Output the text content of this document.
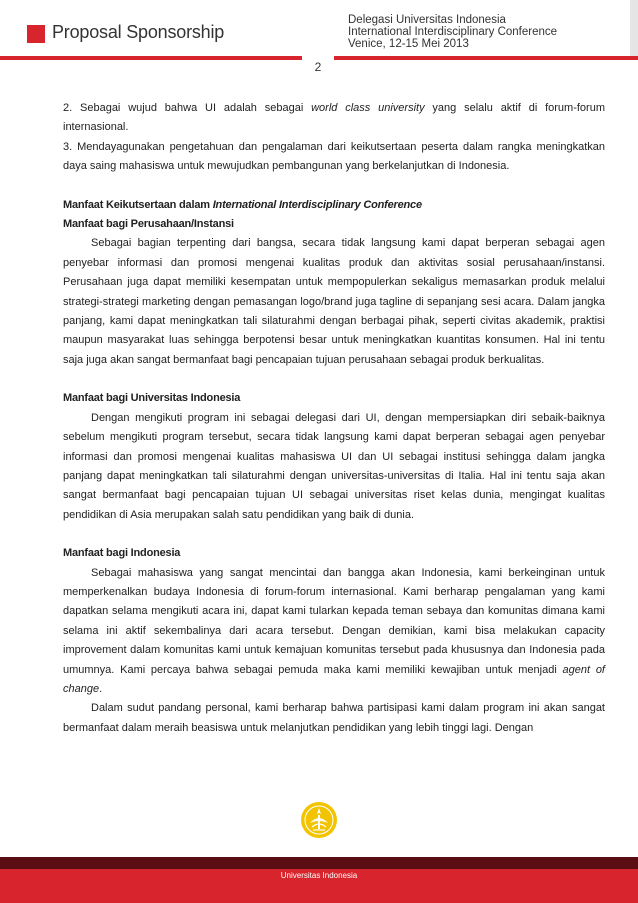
Proposal Sponsorship
Delegasi Universitas Indonesia
International Interdisciplinary Conference
Venice, 12-15 Mei 2013
2

2. Sebagai wujud bahwa UI adalah sebagai world class university yang selalu aktif di forum-forum internasional.

3. Mendayagunakan pengetahuan dan pengalaman dari keikutsertaan peserta dalam rangka meningkatkan daya saing mahasiswa untuk mewujudkan pembangunan yang berkelanjutkan di Indonesia.

Manfaat Keikutsertaan dalam International Interdisciplinary Conference

Manfaat bagi Perusahaan/Instansi

Sebagai bagian terpenting dari bangsa, secara tidak langsung kami dapat berperan sebagai agen penyebar informasi dan promosi mengenai kualitas produk dan aktivitas sosial perusahaan/instansi. Perusahaan juga dapat memiliki kesempatan untuk mempopulerkan sekaligus memasarkan produk melalui strategi-strategi marketing dengan pemasangan logo/brand juga tagline di sepanjang sesi acara. Dalam jangka panjang, kami dapat meningkatkan tali silaturahmi dengan berbagai pihak, seperti civitas akademik, praktisi maupun masyarakat luas sehingga berpotensi besar untuk meningkatkan kuantitas konsumen. Hal ini tentu saja juga akan sangat bermanfaat bagi pencapaian tujuan perusahaan sebagai produk berkualitas.

Manfaat bagi Universitas Indonesia

Dengan mengikuti program ini sebagai delegasi dari UI, dengan mempersiapkan diri sebaik-baiknya sebelum mengikuti program tersebut, secara tidak langsung kami dapat berperan sebagai agen penyebar informasi dan promosi mengenai kualitas mahasiswa UI dan UI sebagai institusi sehingga dalam jangka panjang dapat meningkatkan tali silaturahmi dengan universitas-universitas di Italia. Hal ini tentu saja akan sangat bermanfaat bagi pencapaian tujuan UI sebagai universitas riset kelas dunia, mengingat kualitas pendidikan di Asia merupakan salah satu pendidikan yang baik di dunia.

Manfaat bagi Indonesia

Sebagai mahasiswa yang sangat mencintai dan bangga akan Indonesia, kami berkeinginan untuk memperkenalkan budaya Indonesia di forum-forum internasional. Kami berharap pengalaman yang kami dapatkan selama mengikuti acara ini, dapat kami tularkan kepada teman sebaya dan komunitas dimana kami selama ini aktif sekembalinya dari acara tersebut. Dengan demikian, kami bisa melakukan capacity improvement dalam komunitas kami untuk kemajuan komunitas tersebut pada khususnya dan Indonesia pada umumnya. Kami percaya bahwa sebagai pemuda maka kami memiliki kewajiban untuk menjadi agent of change.

Dalam sudut pandang personal, kami berharap bahwa partisipasi kami dalam program ini akan sangat bermanfaat dalam meraih beasiswa untuk melanjutkan pendidikan yang lebih tinggi lagi. Dengan

Universitas Indonesia
